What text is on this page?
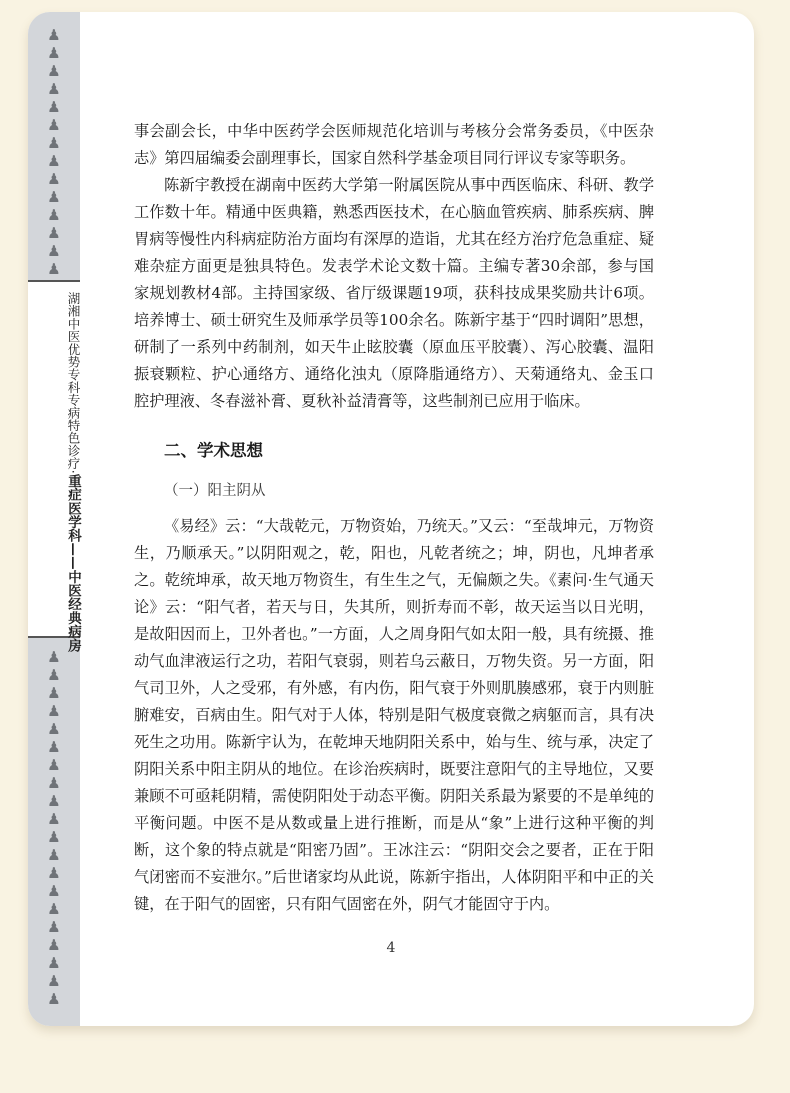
♟
♟
♟
♟
♟
♟
♟
♟
♟
♟
♟
♟
♟
♟
湖湘中医优势专科专病特色诊疗·重症医学科——中医经典病房
♟
♟
♟
♟
♟
♟
♟
♟
♟
♟
♟
♟
♟
♟
♟
♟
♟
♟
♟
♟

事会副会长，中华中医药学会医师规范化培训与考核分会常务委员，《中医杂志》第四届编委会副理事长，国家自然科学基金项目同行评议专家等职务。

陈新宇教授在湖南中医药大学第一附属医院从事中西医临床、科研、教学工作数十年。精通中医典籍，熟悉西医技术，在心脑血管疾病、肺系疾病、脾胃病等慢性内科病症防治方面均有深厚的造诣，尤其在经方治疗危急重症、疑难杂症方面更是独具特色。发表学术论文数十篇。主编专著30余部，参与国家规划教材4部。主持国家级、省厅级课题19项，获科技成果奖励共计6项。培养博士、硕士研究生及师承学员等100余名。陈新宇基于“四时调阳”思想，研制了一系列中药制剂，如天牛止眩胶囊（原血压平胶囊）、泻心胶囊、温阳振衰颗粒、护心通络方、通络化浊丸（原降脂通络方）、天菊通络丸、金玉口腔护理液、冬春滋补膏、夏秋补益清膏等，这些制剂已应用于临床。

二、学术思想

（一）阳主阴从

《易经》云：“大哉乾元，万物资始，乃统天。”又云：“至哉坤元，万物资生，乃顺承天。”以阴阳观之，乾，阳也，凡乾者统之；坤，阴也，凡坤者承之。乾统坤承，故天地万物资生，有生生之气，无偏颇之失。《素问·生气通天论》云：“阳气者，若天与日，失其所，则折寿而不彰，故天运当以日光明，是故阳因而上，卫外者也。”一方面，人之周身阳气如太阳一般，具有统摄、推动气血津液运行之功，若阳气衰弱，则若乌云蔽日，万物失资。另一方面，阳气司卫外，人之受邪，有外感，有内伤，阳气衰于外则肌腠感邪，衰于内则脏腑难安，百病由生。阳气对于人体，特别是阳气极度衰微之病躯而言，具有决死生之功用。陈新宇认为，在乾坤天地阴阳关系中，始与生、统与承，决定了阴阳关系中阳主阴从的地位。在诊治疾病时，既要注意阳气的主导地位，又要兼顾不可亟耗阴精，需使阴阳处于动态平衡。阴阳关系最为紧要的不是单纯的平衡问题。中医不是从数或量上进行推断，而是从“象”上进行这种平衡的判断，这个象的特点就是“阳密乃固”。王冰注云：“阴阳交会之要者，正在于阳气闭密而不妄泄尔。”后世诸家均从此说，陈新宇指出，人体阴阳平和中正的关键，在于阳气的固密，只有阳气固密在外，阴气才能固守于内。

4
